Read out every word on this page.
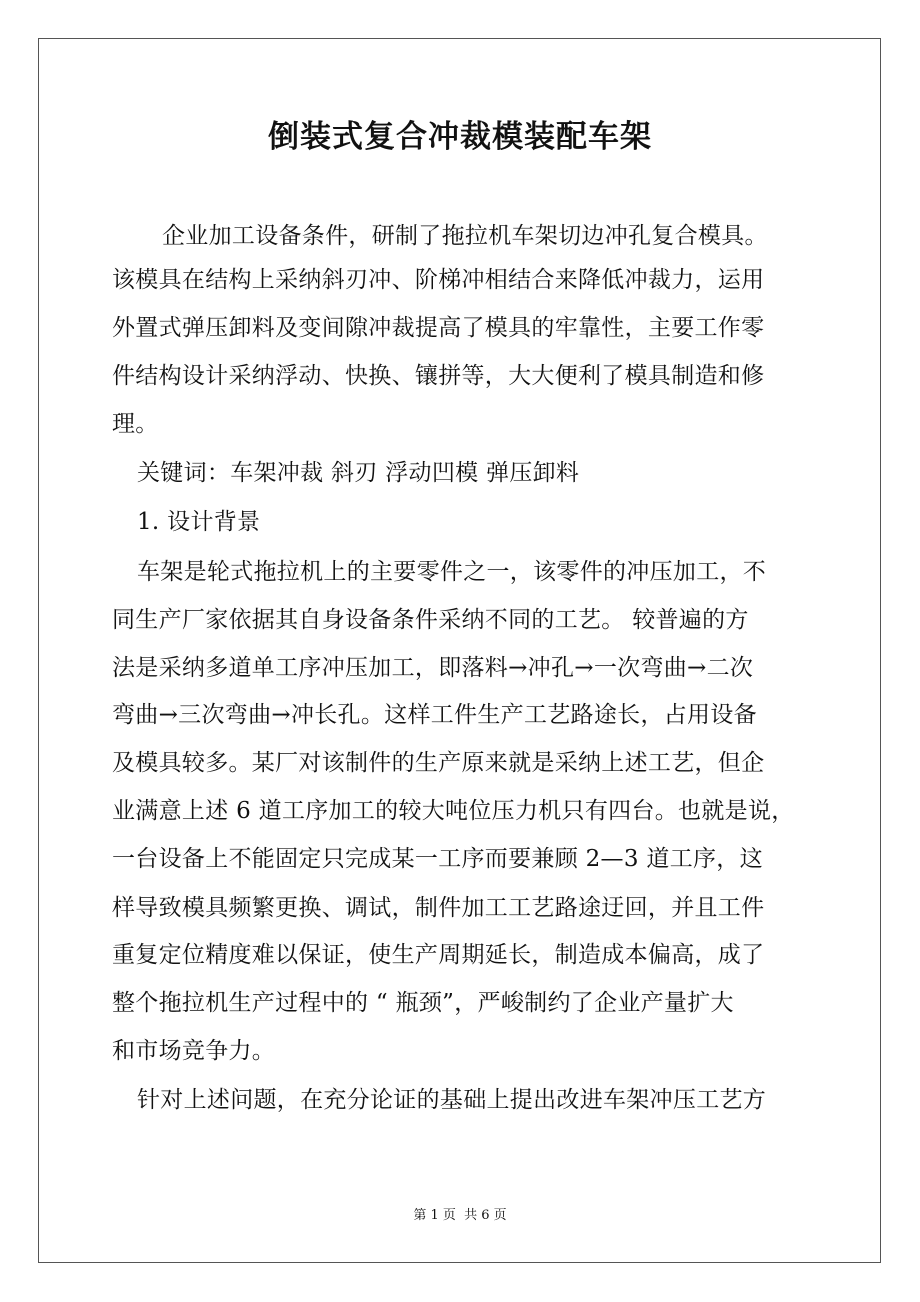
倒装式复合冲裁模装配车架
企业加工设备条件，研制了拖拉机车架切边冲孔复合模具。
该模具在结构上采纳斜刃冲、阶梯冲相结合来降低冲裁力，运用
外置式弹压卸料及变间隙冲裁提高了模具的牢靠性，主要工作零
件结构设计采纳浮动、快换、镶拼等，大大便利了模具制造和修
理。
关键词：车架冲裁 斜刃 浮动凹模 弹压卸料
1. 设计背景
车架是轮式拖拉机上的主要零件之一，该零件的冲压加工，不
同生产厂家依据其自身设备条件采纳不同的工艺。 较普遍的方
法是采纳多道单工序冲压加工，即落料→冲孔→一次弯曲→二次
弯曲→三次弯曲→冲长孔。这样工件生产工艺路途长，占用设备
及模具较多。某厂对该制件的生产原来就是采纳上述工艺，但企
业满意上述 6 道工序加工的较大吨位压力机只有四台。也就是说，
一台设备上不能固定只完成某一工序而要兼顾 2—3 道工序，这
样导致模具频繁更换、调试，制件加工工艺路途迂回，并且工件
重复定位精度难以保证，使生产周期延长，制造成本偏高，成了
整个拖拉机生产过程中的 “ 瓶颈”，严峻制约了企业产量扩大
和市场竞争力。
针对上述问题，在充分论证的基础上提出改进车架冲压工艺方
第 1 页 共 6 页
